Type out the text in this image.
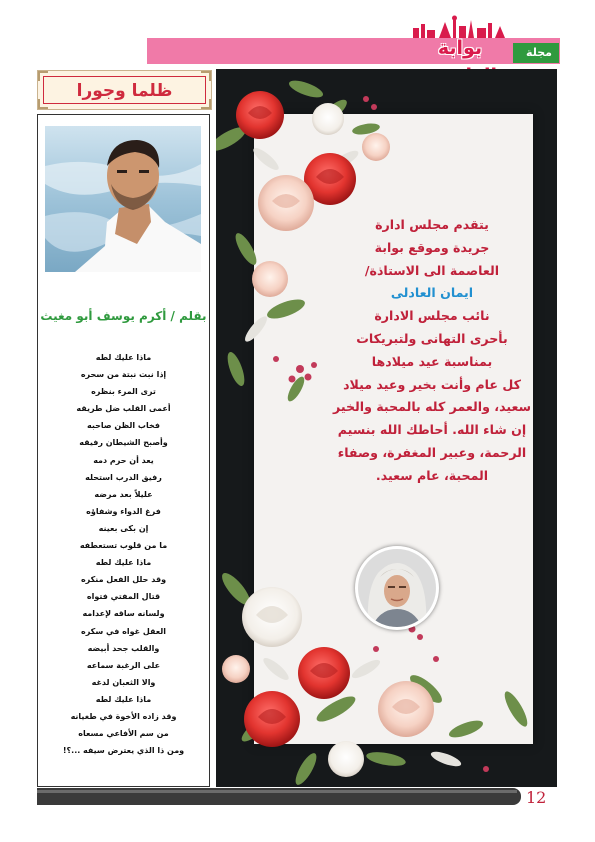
مجلة
بوابة
ظلما وجورا
بقلم / أكرم يوسف أبو مغيث
ماذا عليك لطه
إذا نبت نبتة من سحره
ترى المرء بنظره
أعمى القلب ضل طريقه
فخاب الظن صاحبه
وأصبح الشيطان رفيقه
يعد أن حرم دمه
رفيق الدرب استحله
عليلاً بعد مرضه
فرغ الدواء وشفاؤه
إن بكى بعينه
ما من قلوب تستعطفه
ماذا عليك لطه
وقد حلل الفعل منكره
قتال المفتي فتواه
ولسانه ساقه لإعدامه
العقل غواه في سكره
والقلب جحد أبيضه
على الرغبة سماعه
والا الثعبان لدغه
ماذا عليك لطه
وقد زاده الأخوة في طغيانه
من سم الأفاعي مسعاه
ومن ذا الذي يعترض سيفه ...؟!
يتقدم مجلس ادارة
جريدة وموقع بوابة
العاصمة الى الاستاذة/
ايمان العادلى
نائب مجلس الادارة
بأحرى التهانى ولتبريكات
بمناسبة عيد ميلادها
كل عام وأنت بخير وعيد ميلاد
سعيد، والعمر كله بالمحبة والخير
إن شاء الله. أحاطك الله بنسيم
الرحمة، وعبير المغفرة، وصفاء
المحبة، عام سعيد.
12
